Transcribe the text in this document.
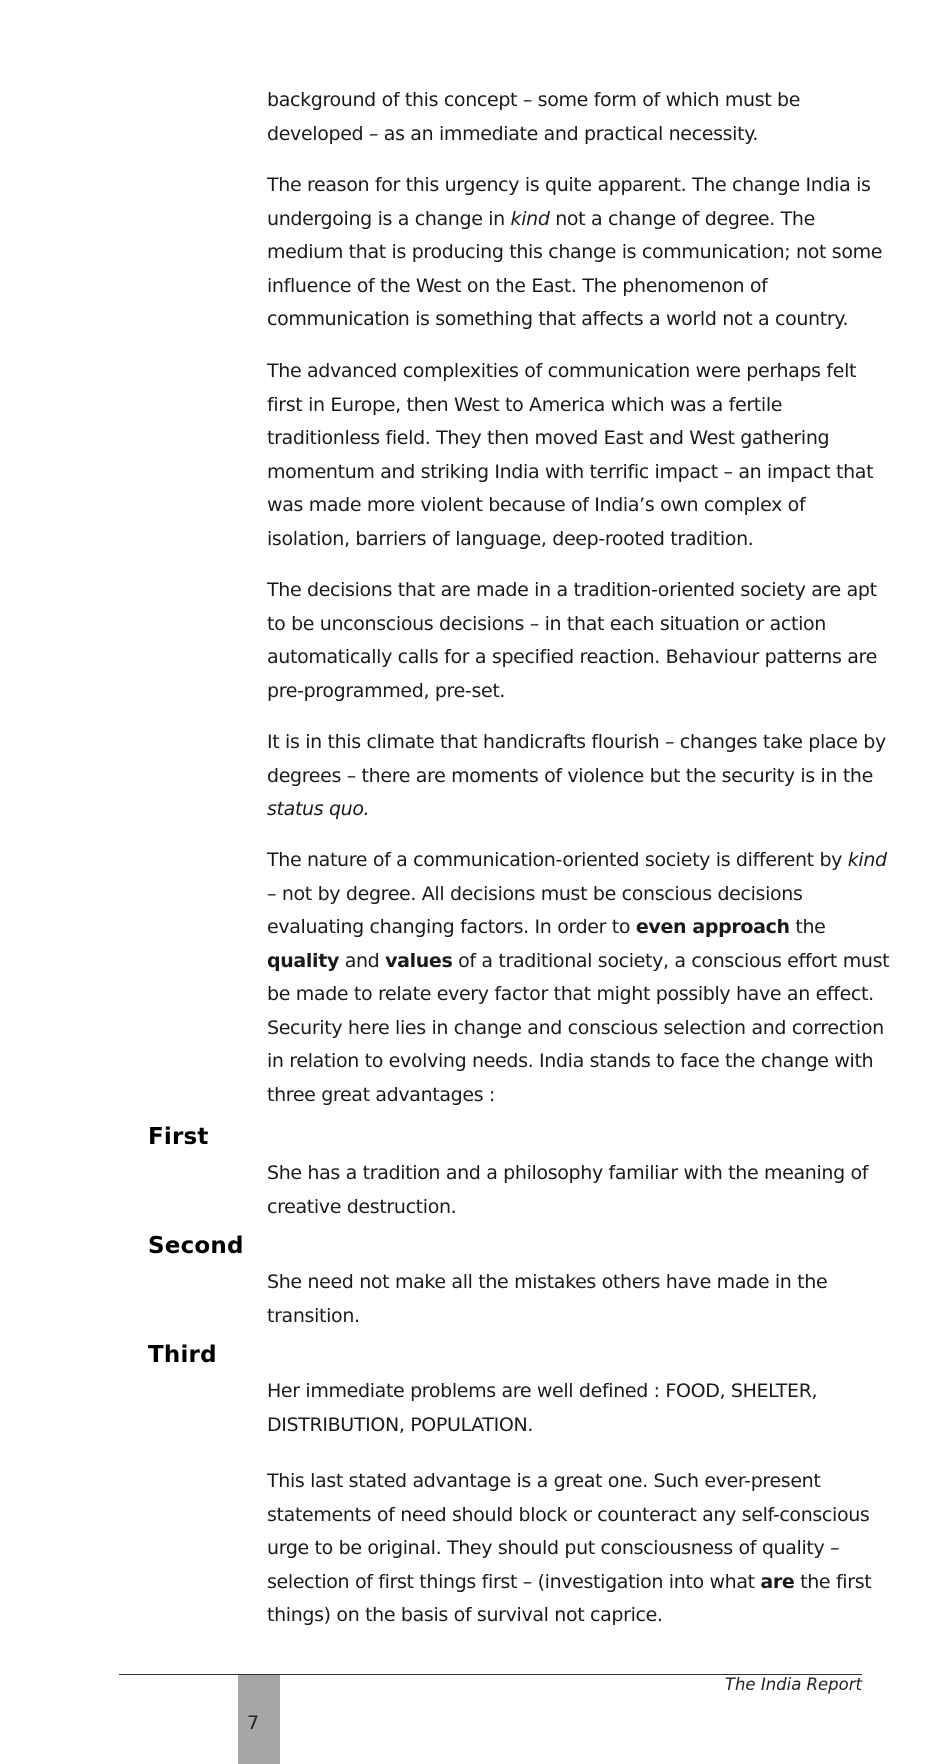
background of this concept – some form of which must be developed – as an immediate and practical necessity.

The reason for this urgency is quite apparent. The change India is undergoing is a change in kind not a change of degree. The medium that is producing this change is communication; not some influence of the West on the East. The phenomenon of communication is something that affects a world not a country.

The advanced complexities of communication were perhaps felt first in Europe, then West to America which was a fertile traditionless field. They then moved East and West gathering momentum and striking India with terrific impact – an impact that was made more violent because of India’s own complex of isolation, barriers of language, deep-rooted tradition.

The decisions that are made in a tradition-oriented society are apt to be unconscious decisions – in that each situation or action automatically calls for a specified reaction. Behaviour patterns are pre-programmed, pre-set.

It is in this climate that handicrafts flourish – changes take place by degrees – there are moments of violence but the security is in the status quo.

The nature of a communication-oriented society is different by kind – not by degree. All decisions must be conscious decisions evaluating changing factors. In order to even approach the quality and values of a traditional society, a conscious effort must be made to relate every factor that might possibly have an effect. Security here lies in change and conscious selection and correction in relation to evolving needs. India stands to face the change with three great advantages :

First

She has a tradition and a philosophy familiar with the meaning of creative destruction.

Second

She need not make all the mistakes others have made in the transition.

Third

Her immediate problems are well defined : FOOD, SHELTER, DISTRIBUTION, POPULATION.

This last stated advantage is a great one. Such ever-present statements of need should block or counteract any self-conscious urge to be original. They should put consciousness of quality – selection of first things first – (investigation into what are the first things) on the basis of survival not caprice.

The India Report
7
